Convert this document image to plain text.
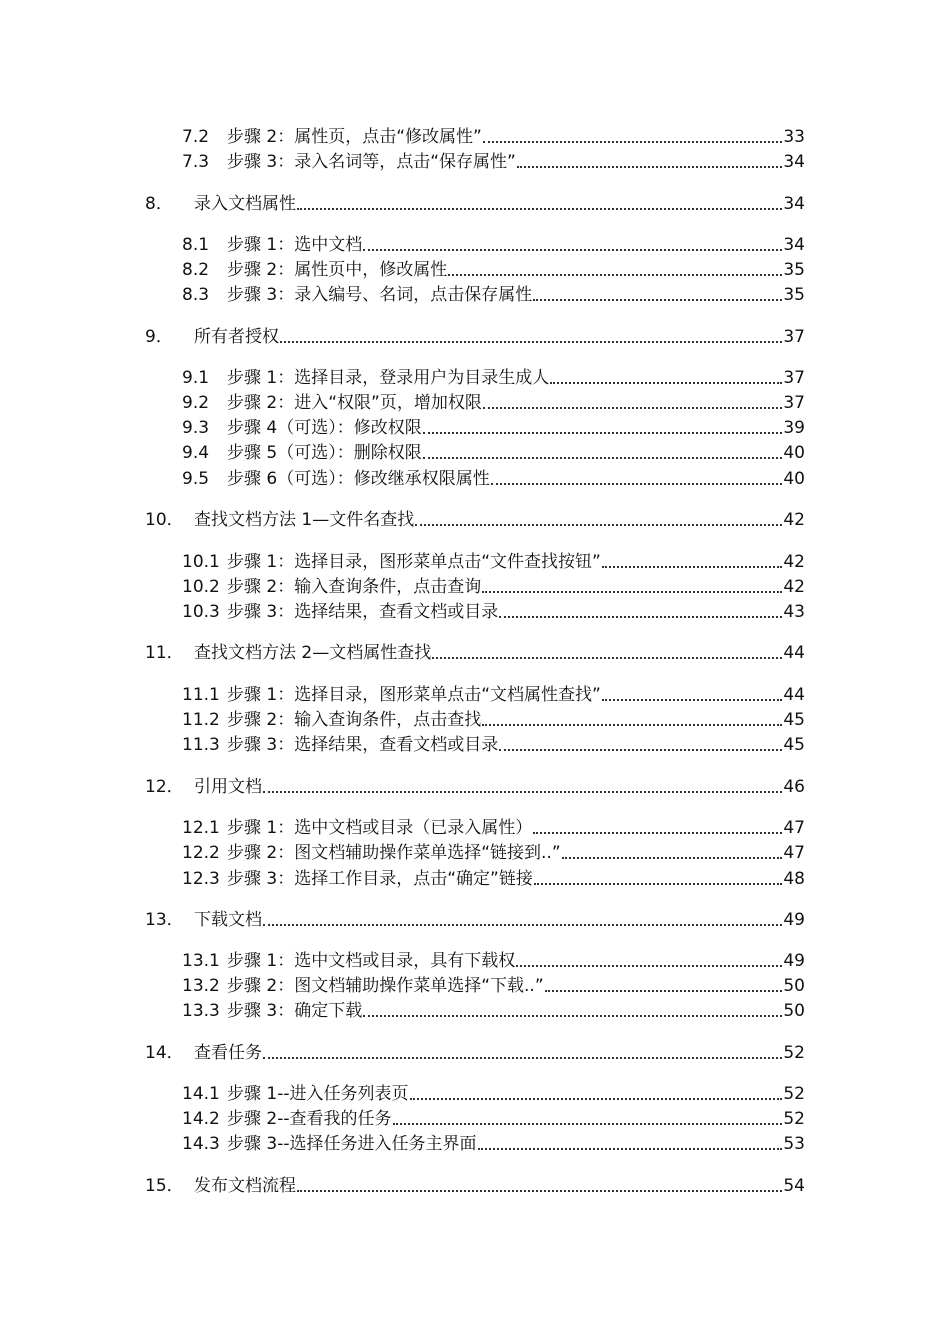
7.2	步骤 2：属性页，点击“修改属性”	33
7.3	步骤 3：录入名词等，点击“保存属性”	34
8．	录入文档属性	34
8.1	步骤 1：选中文档	34
8.2	步骤 2：属性页中，修改属性	35
8.3	步骤 3：录入编号、名词，点击保存属性	35
9．	所有者授权	37
9.1	步骤 1：选择目录，登录用户为目录生成人	37
9.2	步骤 2：进入“权限”页，增加权限	37
9.3	步骤 4（可选）：修改权限	39
9.4	步骤 5（可选）：删除权限	40
9.5	步骤 6（可选）：修改继承权限属性	40
10． 查找文档方法 1—文件名查找	42
10.1 步骤 1：选择目录，图形菜单点击“文件查找按钮”	42
10.2 步骤 2：输入查询条件，点击查询	42
10.3 步骤 3：选择结果，查看文档或目录	43
11． 查找文档方法 2—文档属性查找	44
11.1 步骤 1：选择目录，图形菜单点击“文档属性查找”	44
11.2 步骤 2：输入查询条件，点击查找	45
11.3 步骤 3：选择结果，查看文档或目录	45
12． 引用文档	46
12.1 步骤 1：选中文档或目录（已录入属性）	47
12.2 步骤 2：图文档辅助操作菜单选择“链接到..”	47
12.3 步骤 3：选择工作目录，点击“确定”链接	48
13． 下载文档	49
13.1 步骤 1：选中文档或目录，具有下载权	49
13.2 步骤 2：图文档辅助操作菜单选择“下载..”	50
13.3 步骤 3：确定下载	50
14． 查看任务	52
14.1 步骤 1--进入任务列表页	52
14.2 步骤 2--查看我的任务	52
14.3 步骤 3--选择任务进入任务主界面	53
15． 发布文档流程	54
